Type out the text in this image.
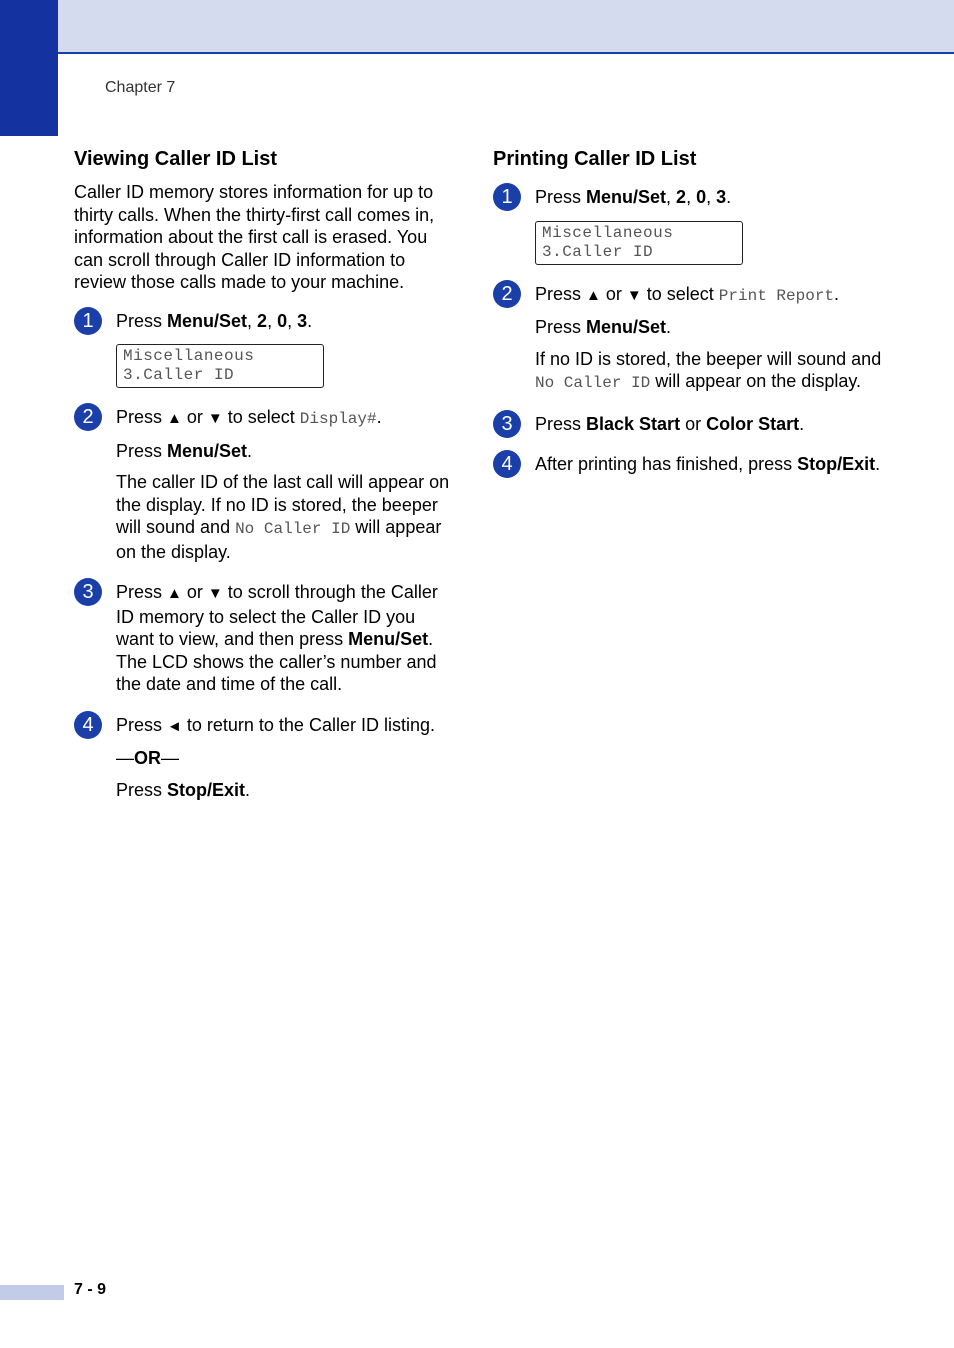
Chapter 7
Viewing Caller ID List

Caller ID memory stores information for up to thirty calls. When the thirty-first call comes in, information about the first call is erased. You can scroll through Caller ID information to review those calls made to your machine.

1	Press Menu/Set, 2, 0, 3.

Miscellaneous
3.Caller ID
2	Press ▲ or ▼ to select Display#.

Press Menu/Set.

The caller ID of the last call will appear on the display. If no ID is stored, the beeper will sound and No Caller ID will appear on the display.

3	Press ▲ or ▼ to scroll through the Caller ID memory to select the Caller ID you want to view, and then press Menu/Set. The LCD shows the caller’s number and the date and time of the call.

4	Press ◄ to return to the Caller ID listing.

—OR—

Press Stop/Exit.

Printing Caller ID List
1	Press Menu/Set, 2, 0, 3.

Miscellaneous
3.Caller ID
2	Press ▲ or ▼ to select Print Report.

Press Menu/Set.

If no ID is stored, the beeper will sound and No Caller ID will appear on the display.

3	Press Black Start or Color Start.

4	After printing has finished, press Stop/Exit.

7 - 9
